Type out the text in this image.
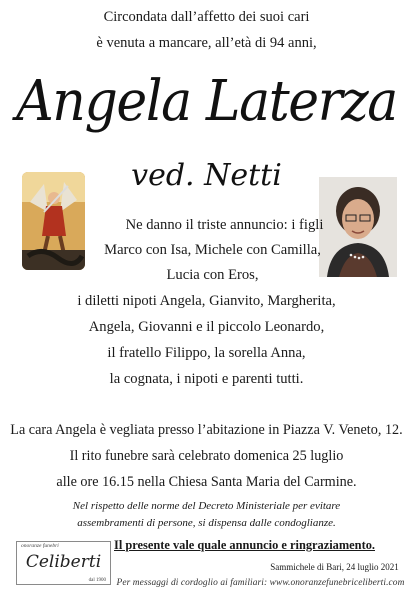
Circondata dall’affetto dei suoi cari
è venuta a mancare, all’età di 94 anni,
Angela Laterza
ved. Netti
Ne danno il triste annuncio: i figli
Marco con Isa, Michele con Camilla,
Lucia con Eros,
i diletti nipoti Angela, Gianvito, Margherita,
Angela, Giovanni e il piccolo Leonardo,
il fratello Filippo, la sorella Anna,
la cognata, i nipoti e parenti tutti.
La cara Angela è vegliata presso l’abitazione in Piazza V. Veneto, 12.
Il rito funebre sarà celebrato domenica 25 luglio
alle ore 16.15 nella Chiesa Santa Maria del Carmine.
Nel rispetto delle norme del Decreto Ministeriale per evitare
assembramenti di persone, si dispensa dalle condoglianze.
Il presente vale quale annuncio e ringraziamento.
Sammichele di Bari, 24 luglio 2021
Per messaggi di cordoglio ai familiari: www.onoranzefunebriceliberti.com
onoranze funebri
Celiberti
dal 1900
